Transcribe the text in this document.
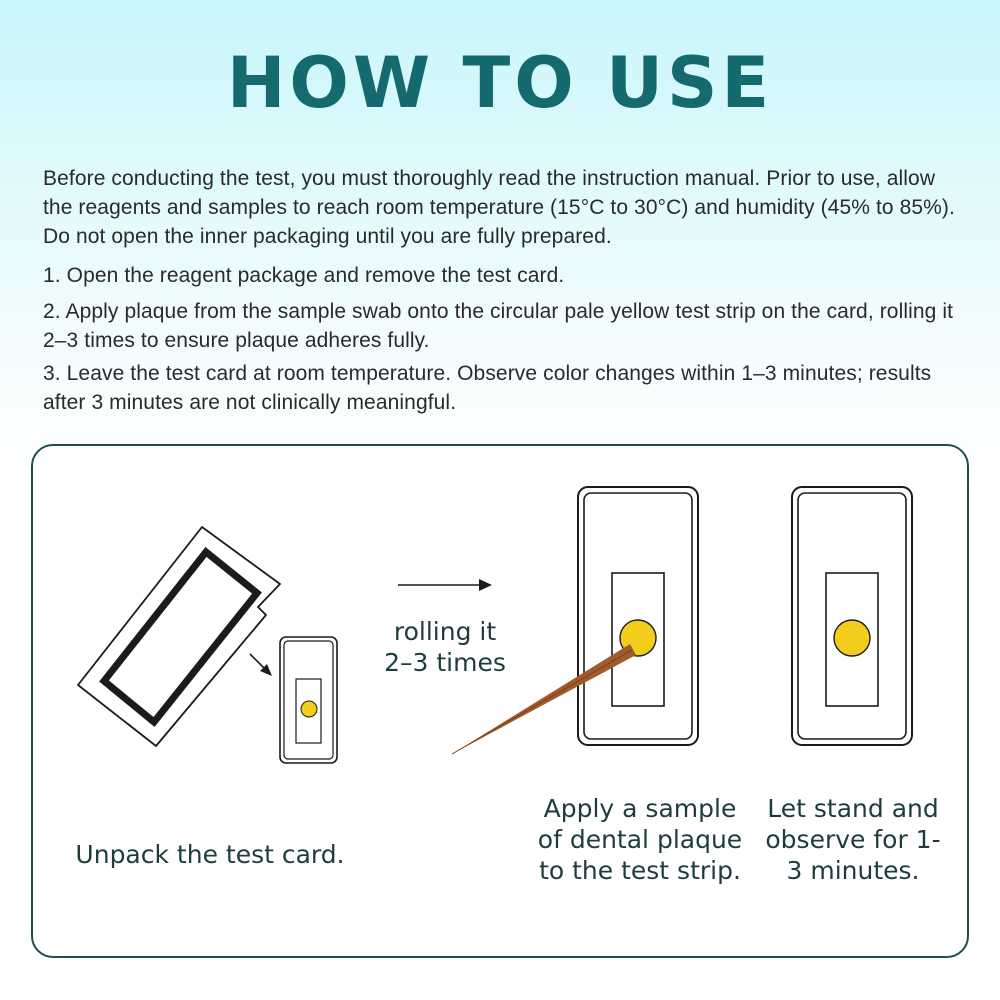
HOW TO USE

Before conducting the test, you must thoroughly read the instruction manual. Prior to use, allow the reagents and samples to reach room temperature (15°C to 30°C) and humidity (45% to 85%). Do not open the inner packaging until you are fully prepared.

1. Open the reagent package and remove the test card.

2. Apply plaque from the sample swab onto the circular pale yellow test strip on the card, rolling it 2–3 times to ensure plaque adheres fully.

3. Leave the test card at room temperature. Observe color changes within 1–3 minutes; results after 3 minutes are not clinically meaningful.

rolling it
2–3 times

Unpack the test card.

Apply a sample of dental plaque to the test strip.

Let stand and observe for 1-3 minutes.
